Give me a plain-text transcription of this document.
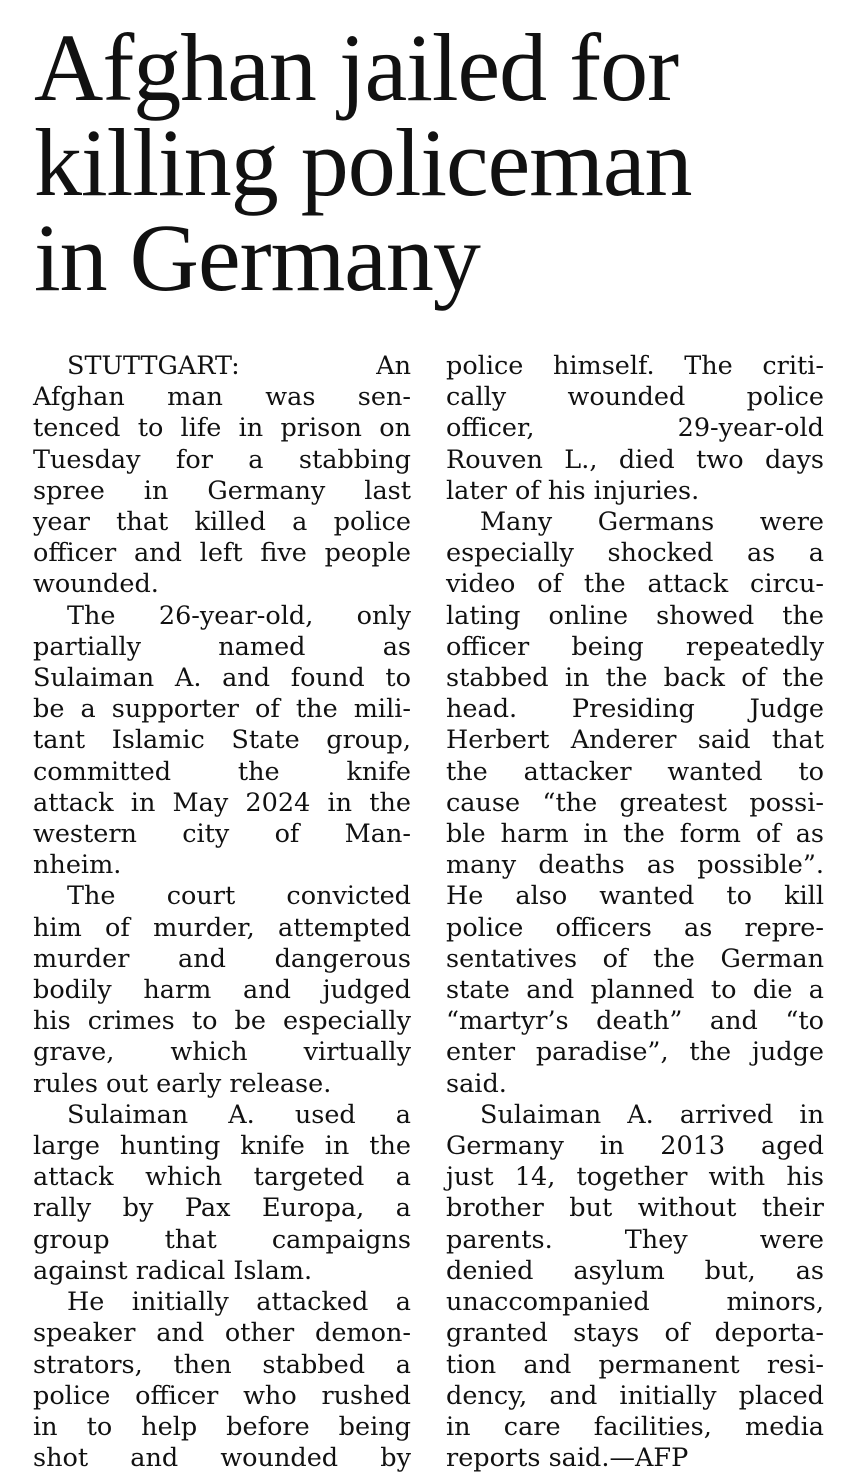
Afghan jailed for
killing policeman
in Germany

STUTTGART: An
Afghan man was sen-
tenced to life in prison on
Tuesday for a stabbing
spree in Germany last
year that killed a police
officer and left five people
wounded.

The 26-year-old, only
partially named as
Sulaiman A. and found to
be a supporter of the mili-
tant Islamic State group,
committed the knife
attack in May 2024 in the
western city of Man-
nheim.

The court convicted
him of murder, attempted
murder and dangerous
bodily harm and judged
his crimes to be especially
grave, which virtually
rules out early release.

Sulaiman A. used a
large hunting knife in the
attack which targeted a
rally by Pax Europa, a
group that campaigns
against radical Islam.

He initially attacked a
speaker and other demon-
strators, then stabbed a
police officer who rushed
in to help before being
shot and wounded by

police himself. The criti-
cally wounded police
officer, 29-year-old
Rouven L., died two days
later of his injuries.

Many Germans were
especially shocked as a
video of the attack circu-
lating online showed the
officer being repeatedly
stabbed in the back of the
head. Presiding Judge
Herbert Anderer said that
the attacker wanted to
cause “the greatest possi-
ble harm in the form of as
many deaths as possible”.
He also wanted to kill
police officers as repre-
sentatives of the German
state and planned to die a
“martyr’s death” and “to
enter paradise”, the judge
said.

Sulaiman A. arrived in
Germany in 2013 aged
just 14, together with his
brother but without their
parents. They were
denied asylum but, as
unaccompanied minors,
granted stays of deporta-
tion and permanent resi-
dency, and initially placed
in care facilities, media
reports said.—AFP
